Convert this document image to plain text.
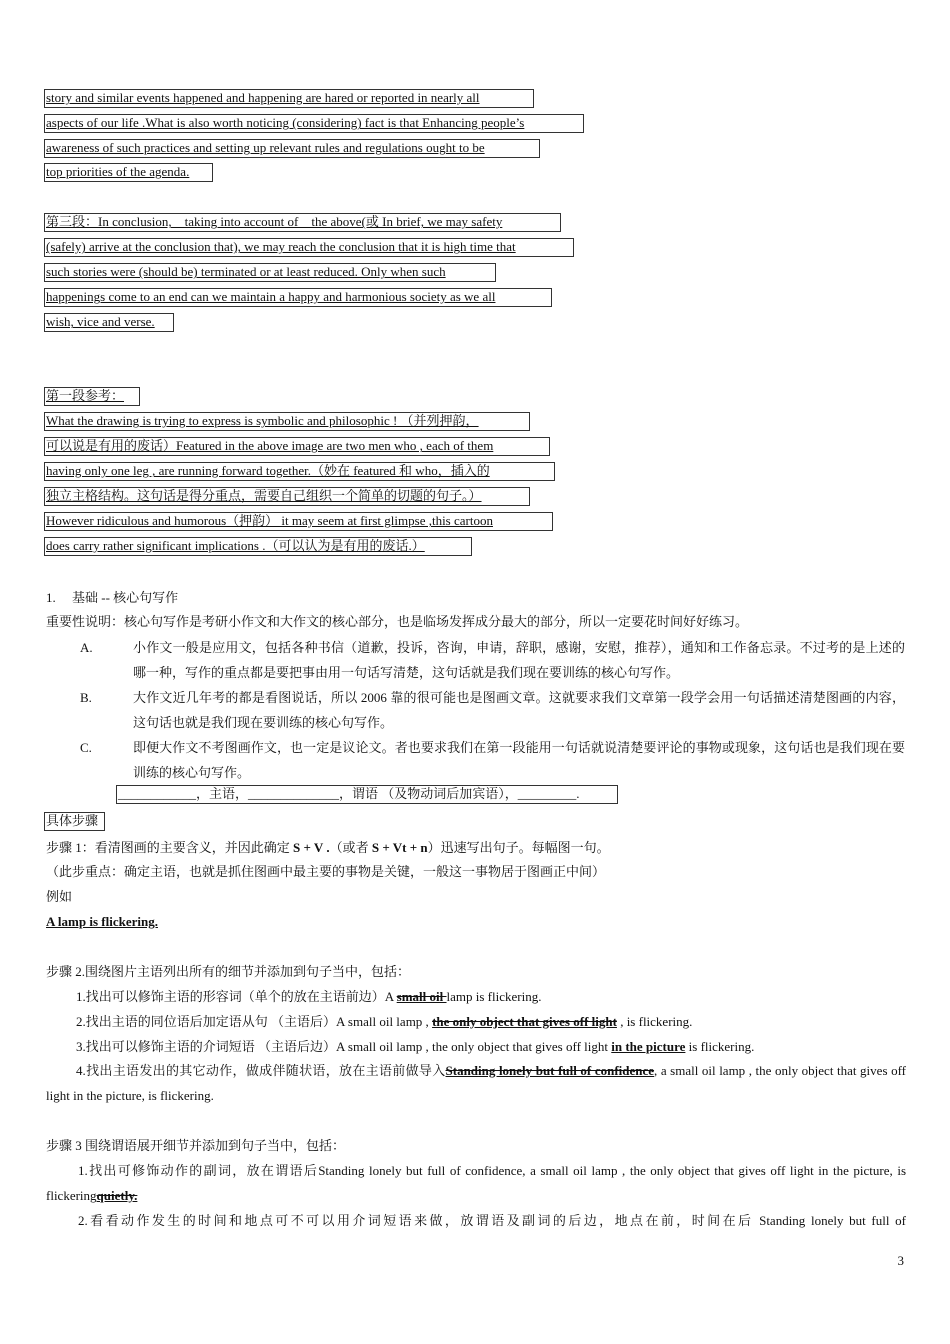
story and similar events happened and happening are hared or reported in nearly all
aspects of our life .What is also worth noticing (considering) fact is that Enhancing people’s
awareness of such practices and setting up relevant rules and regulations ought to be
top priorities of the agenda.
第三段：In conclusion,　taking into account of　the above(或 In brief, we may safety
(safely) arrive at the conclusion that), we may reach the conclusion that it is high time that
such stories were (should be) terminated or at least reduced. Only when such
happenings come to an end can we maintain a happy and harmonious society as we all
wish, vice and verse.
第一段参考：
What the drawing is trying to express is symbolic and philosophic ! （并列押韵，
可以说是有用的废话）Featured in the above image are two men who , each of them
having only one leg , are running forward together.（妙在 featured 和 who，插入的
独立主格结构。这句话是得分重点，需要自己组织一个简单的切题的句子。）
However ridiculous and humorous（押韵） it may seem at first glimpse ,this cartoon
does carry rather significant implications .（可以认为是有用的废话.）
1.　 基础 -- 核心句写作
重要性说明：核心句写作是考研小作文和大作文的核心部分，也是临场发挥成分最大的部分，所以一定要花时间好好练习。
A.	小作文一般是应用文，包括各种书信（道歉，投诉，咨询，申请，辞职，感谢，安慰，推荐），通知和工作备忘录。不过考的是上述的哪一种，写作的重点都是要把事由用一句话写清楚，这句话就是我们现在要训练的核心句写作。
B.	大作文近几年考的都是看图说话，所以 2006 靠的很可能也是图画文章。这就要求我们文章第一段学会用一句话描述清楚图画的内容，这句话也就是我们现在要训练的核心句写作。
C.	即便大作文不考图画作文，也一定是议论文。者也要求我们在第一段能用一句话就说清楚要评论的事物或现象，这句话也是我们现在要训练的核心句写作。
____________，主语，______________，谓语 （及物动词后加宾语），_________.
具体步骤
步骤 1：看清图画的主要含义，并因此确定 S + V .（或者 S + Vt + n）迅速写出句子。每幅图一句。
（此步重点：确定主语，也就是抓住图画中最主要的事物是关键，一般这一事物居于图画正中间）
例如
A lamp is flickering.
步骤 2.围绕图片主语列出所有的细节并添加到句子当中，包括：
1.找出可以修饰主语的形容词（单个的放在主语前边）A small oil lamp is flickering.
2.找出主语的同位语后加定语从句 （主语后）A small oil lamp , the only object that gives off light , is flickering.
3.找出可以修饰主语的介词短语 （主语后边）A small oil lamp , the only object that gives off light in the picture is flickering.
4.找出主语发出的其它动作，做成伴随状语，放在主语前做导入Standing lonely but full of confidence, a small oil lamp , the only object that gives off light in the picture, is flickering.
步骤 3 围绕谓语展开细节并添加到句子当中，包括：
1.找出可修饰动作的副词，放在谓语后Standing lonely but full of confidence, a small oil lamp , the only object that gives off light in the picture, is flickeringquietly.
2.看看动作发生的时间和地点可不可以用介词短语来做，放谓语及副词的后边，地点在前，时间在后 Standing lonely but full of
3
